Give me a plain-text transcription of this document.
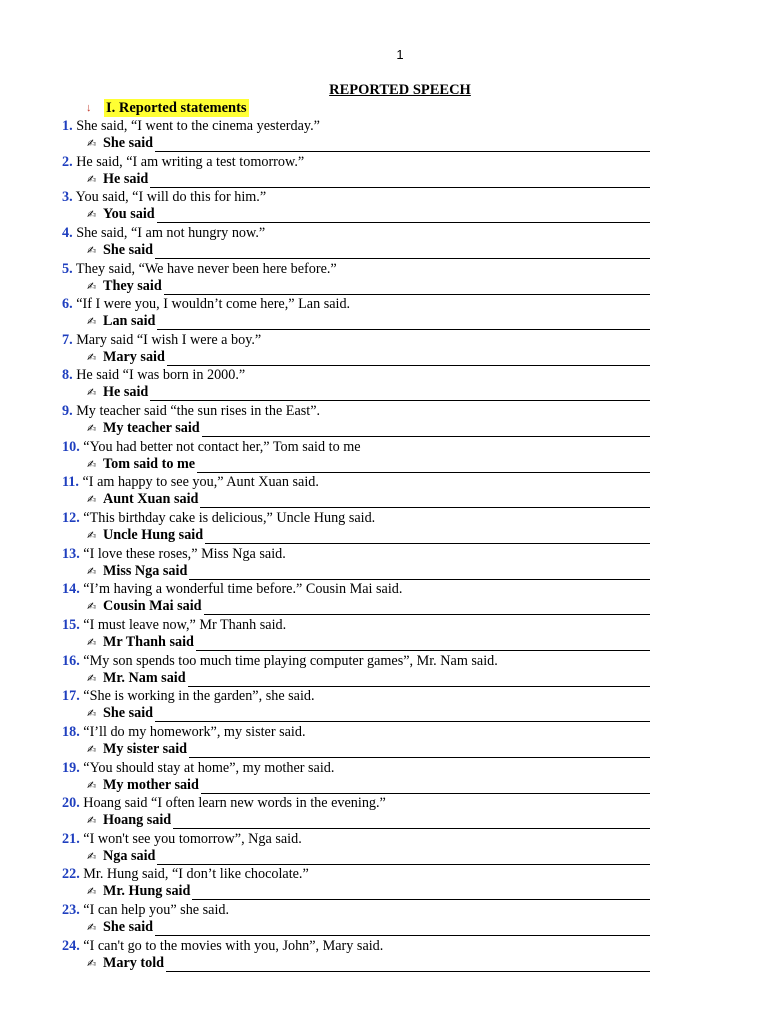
1
REPORTED SPEECH
↓	I. Reported statements
1. She said, “I went to the cinema yesterday.”
✍ She said
2. He said, “I am writing a test tomorrow.”
✍ He said
3. You said, “I will do this for him.”
✍ You said
4. She said, “I am not hungry now.”
✍ She said
5. They said, “We have never been here before.”
✍ They said
6. “If I were you, I wouldn’t come here,” Lan said.
✍ Lan said
7. Mary said “I wish I were a boy.”
✍ Mary said
8. He said “I was born in 2000.”
✍ He said
9. My teacher said “the sun rises in the East”.
✍ My teacher said
10. “You had better not contact her,” Tom said to me
✍ Tom said to me
11. “I am happy to see you,” Aunt Xuan said.
✍ Aunt Xuan said
12. “This birthday cake is delicious,” Uncle Hung said.
✍ Uncle Hung said
13. “I love these roses,” Miss Nga said.
✍ Miss Nga said
14. “I’m having a wonderful time before.” Cousin Mai said.
✍ Cousin Mai said
15. “I must leave now,” Mr Thanh said.
✍ Mr Thanh said
16. “My son spends too much time playing computer games”, Mr. Nam said.
✍ Mr. Nam said
17. “She is working in the garden”, she said.
✍ She said
18. “I’ll do my homework”, my sister said.
✍ My sister said
19. “You should stay at home”, my mother said.
✍ My mother said
20. Hoang said “I often learn new words in the evening.”
✍ Hoang said
21. “I won't see you tomorrow”, Nga said.
✍ Nga said
22. Mr. Hung said, “I don’t like chocolate.”
✍ Mr. Hung said
23. “I can help you” she said.
✍ She said
24. “I can't go to the movies with you, John”, Mary said.
✍ Mary told
